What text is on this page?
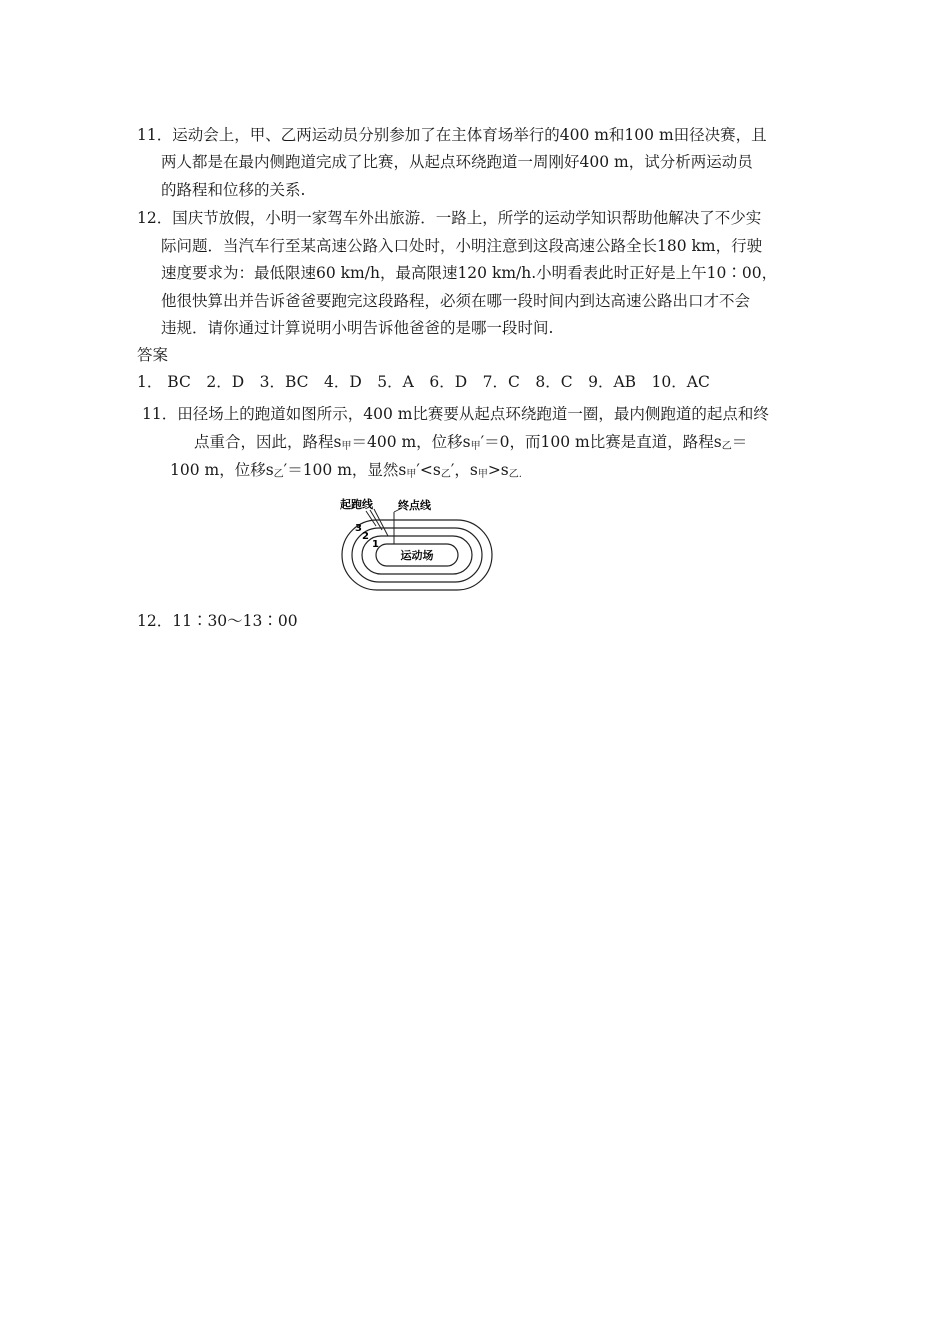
11．运动会上，甲、乙两运动员分别参加了在主体育场举行的400 m和100 m田径决赛，且
两人都是在最内侧跑道完成了比赛，从起点环绕跑道一周刚好400 m，试分析两运动员
的路程和位移的关系.
12．国庆节放假，小明一家驾车外出旅游．一路上，所学的运动学知识帮助他解决了不少实
际问题．当汽车行至某高速公路入口处时，小明注意到这段高速公路全长180 km，行驶
速度要求为：最低限速60 km/h，最高限速120 km/h.小明看表此时正好是上午10∶00，
他很快算出并告诉爸爸要跑完这段路程，必须在哪一段时间内到达高速公路出口才不会
违规．请你通过计算说明小明告诉他爸爸的是哪一段时间.
答案
1． BC　2．D　3．BC　4．D　5．A　6．D　7．C　8．C　9．AB　10．AC
11．田径场上的跑道如图所示，400 m比赛要从起点环绕跑道一圈，最内侧跑道的起点和终
点重合，因此，路程$s_甲=400$ m，位移$s_甲'=0$，而100 m比赛是直道，路程$s_乙=$
100 m，位移$s_乙'=100$ m，显然$s_甲'<s_乙'$，$s_甲>s_{乙.}$
起跑线 终点线
3
2
1
运动场
12．11∶30～13∶00
